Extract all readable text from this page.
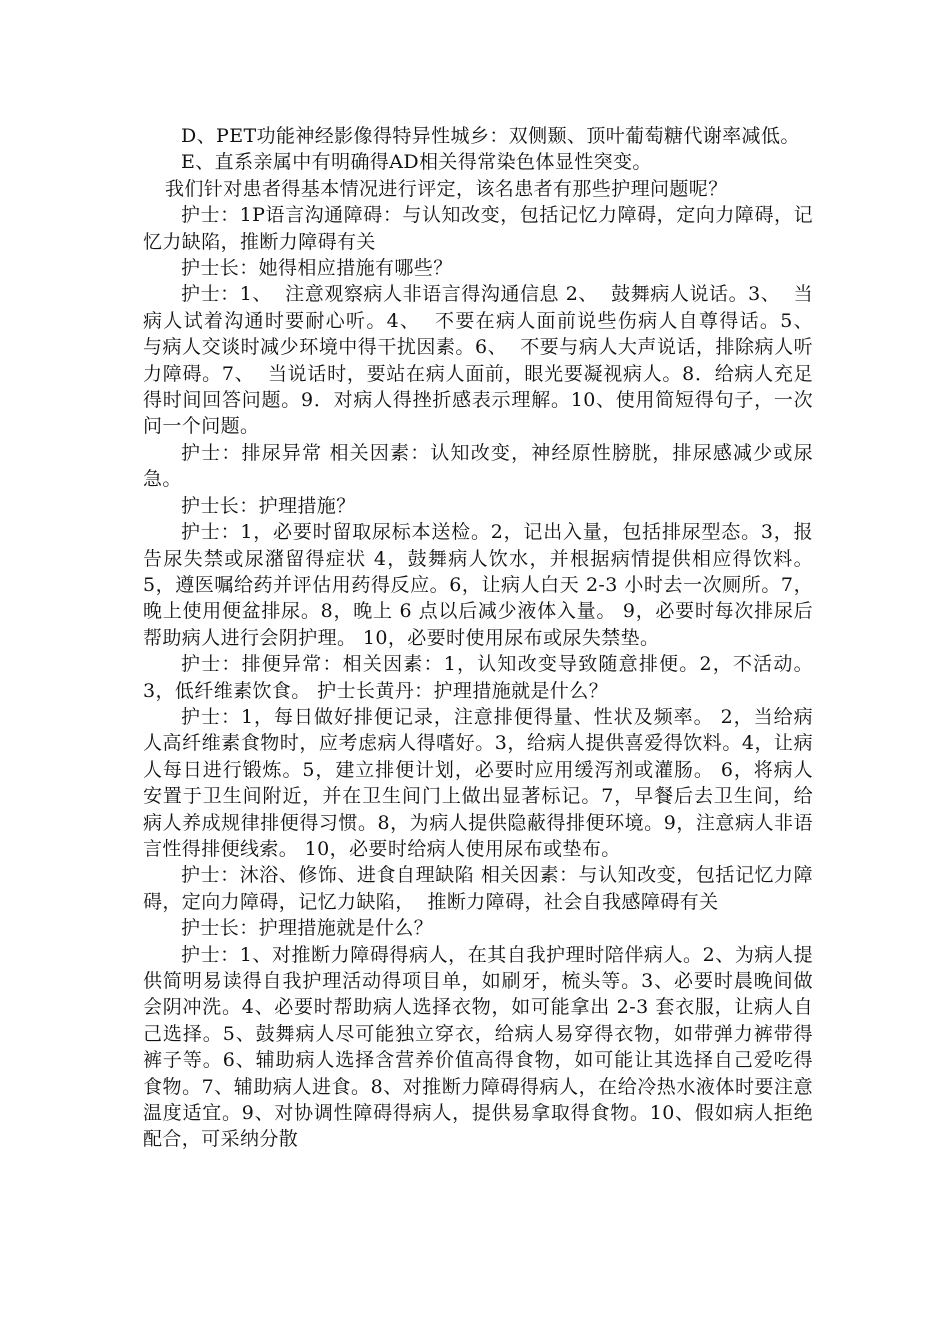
D、PET功能神经影像得特异性城乡：双侧颞、顶叶葡萄糖代谢率减低。

E、直系亲属中有明确得AD相关得常染色体显性突变。

我们针对患者得基本情况进行评定，该名患者有那些护理问题呢？

护士：1P语言沟通障碍：与认知改变，包括记忆力障碍，定向力障碍，记忆力缺陷，推断力障碍有关

护士长：她得相应措施有哪些？

护士：1、  注意观察病人非语言得沟通信息 2、  鼓舞病人说话。3、  当病人试着沟通时要耐心听。4、  不要在病人面前说些伤病人自尊得话。5、  与病人交谈时减少环境中得干扰因素。6、  不要与病人大声说话，排除病人听力障碍。7、  当说话时，要站在病人面前，眼光要凝视病人。8．给病人充足得时间回答问题。9．对病人得挫折感表示理解。10、使用简短得句子，一次问一个问题。

护士：排尿异常 相关因素：认知改变，神经原性膀胱，排尿感减少或尿急。

护士长：护理措施？

护士：1，必要时留取尿标本送检。2，记出入量，包括排尿型态。3，报告尿失禁或尿潴留得症状 4，鼓舞病人饮水，并根据病情提供相应得饮料。5，遵医嘱给药并评估用药得反应。6，让病人白天 2-3 小时去一次厕所。7，晚上使用便盆排尿。8，晚上 6 点以后减少液体入量。 9，必要时每次排尿后帮助病人进行会阴护理。 10，必要时使用尿布或尿失禁垫。

护士：排便异常：相关因素：1，认知改变导致随意排便。2，不活动。 3，低纤维素饮食。 护士长黄丹：护理措施就是什么？

护士：1，每日做好排便记录，注意排便得量、性状及频率。 2，当给病人高纤维素食物时，应考虑病人得嗜好。3，给病人提供喜爱得饮料。4，让病人每日进行锻炼。5，建立排便计划，必要时应用缓泻剂或灌肠。 6，将病人安置于卫生间附近，并在卫生间门上做出显著标记。7，早餐后去卫生间，给病人养成规律排便得习惯。8，为病人提供隐蔽得排便环境。9，注意病人非语言性得排便线索。 10，必要时给病人使用尿布或垫布。

护士：沐浴、修饰、进食自理缺陷 相关因素：与认知改变，包括记忆力障碍，定向力障碍，记忆力缺陷，  推断力障碍，社会自我感障碍有关

护士长：护理措施就是什么？

护士：1、对推断力障碍得病人，在其自我护理时陪伴病人。2、为病人提供简明易读得自我护理活动得项目单，如刷牙，梳头等。3、必要时晨晚间做会阴冲洗。4、必要时帮助病人选择衣物，如可能拿出 2-3 套衣服，让病人自己选择。5、鼓舞病人尽可能独立穿衣，给病人易穿得衣物，如带弹力裤带得裤子等。6、辅助病人选择含营养价值高得食物，如可能让其选择自己爱吃得食物。7、辅助病人进食。8、对推断力障碍得病人，在给冷热水液体时要注意温度适宜。9、对协调性障碍得病人，提供易拿取得食物。10、假如病人拒绝配合，可采纳分散
